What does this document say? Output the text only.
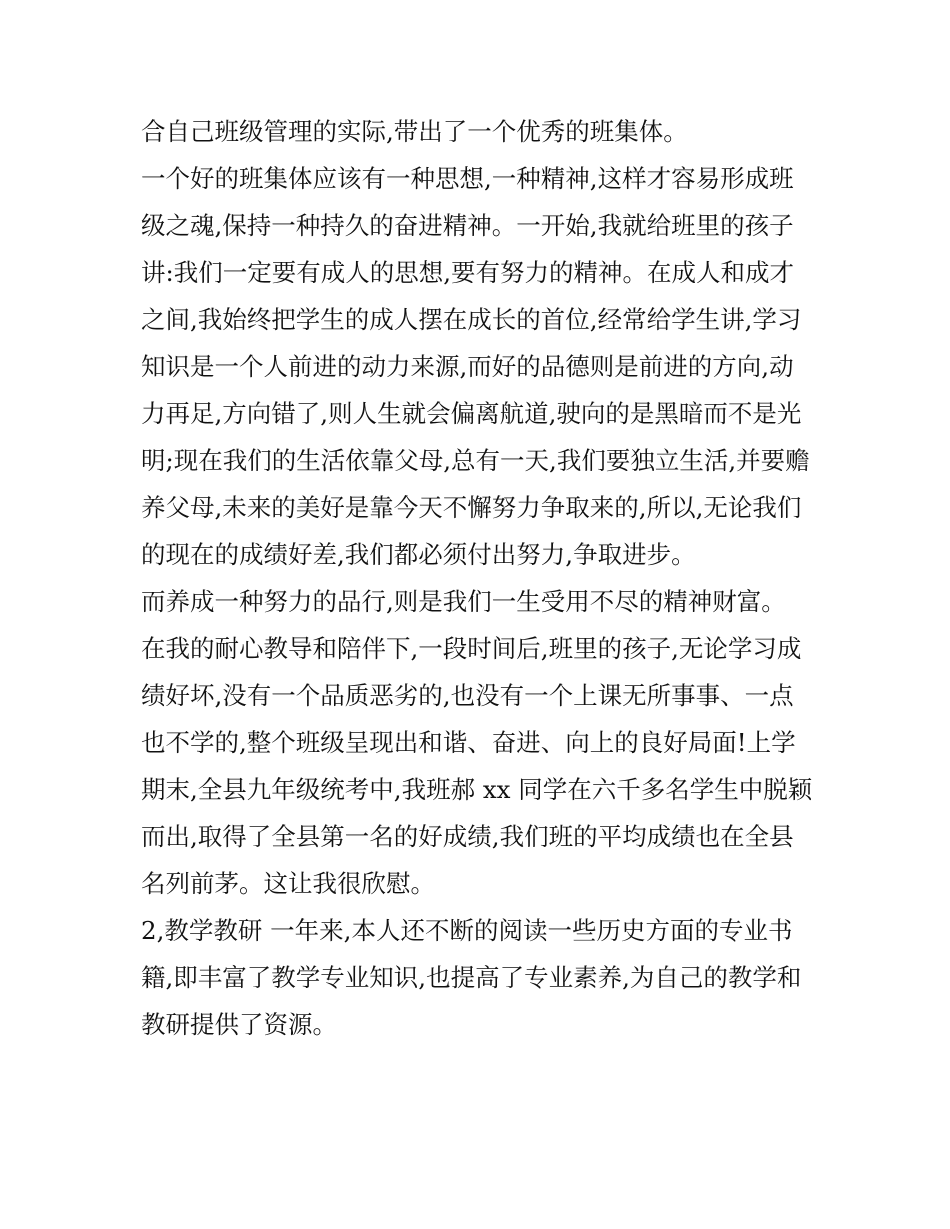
合自己班级管理的实际,带出了一个优秀的班集体。
一个好的班集体应该有一种思想,一种精神,这样才容易形成班
级之魂,保持一种持久的奋进精神。一开始,我就给班里的孩子
讲:我们一定要有成人的思想,要有努力的精神。在成人和成才
之间,我始终把学生的成人摆在成长的首位,经常给学生讲,学习
知识是一个人前进的动力来源,而好的品德则是前进的方向,动
力再足,方向错了,则人生就会偏离航道,驶向的是黑暗而不是光
明;现在我们的生活依靠父母,总有一天,我们要独立生活,并要赡
养父母,未来的美好是靠今天不懈努力争取来的,所以,无论我们
的现在的成绩好差,我们都必须付出努力,争取进步。
而养成一种努力的品行,则是我们一生受用不尽的精神财富。
在我的耐心教导和陪伴下,一段时间后,班里的孩子,无论学习成
绩好坏,没有一个品质恶劣的,也没有一个上课无所事事、一点
也不学的,整个班级呈现出和谐、奋进、向上的良好局面!上学
期末,全县九年级统考中,我班郝 xx 同学在六千多名学生中脱颖
而出,取得了全县第一名的好成绩,我们班的平均成绩也在全县
名列前茅。这让我很欣慰。
2,教学教研 一年来,本人还不断的阅读一些历史方面的专业书
籍,即丰富了教学专业知识,也提高了专业素养,为自己的教学和
教研提供了资源。
